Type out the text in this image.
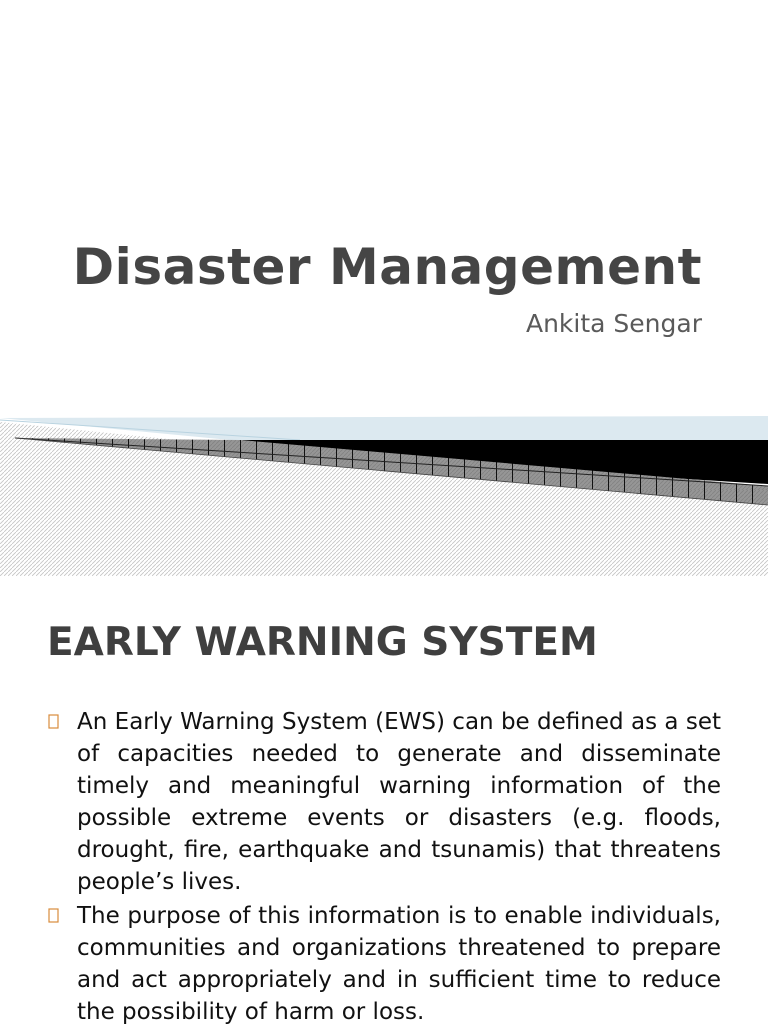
Disaster Management

Ankita Sengar

EARLY WARNING SYSTEM
An Early Warning System (EWS) can be defined as a set of capacities needed to generate and disseminate timely and meaningful warning information of the possible extreme events or disasters (e.g. floods, drought, fire, earthquake and tsunamis) that threatens people’s lives.
The purpose of this information is to enable individuals, communities and organizations threatened to prepare and act appropriately and in sufficient time to reduce the possibility of harm or loss.
